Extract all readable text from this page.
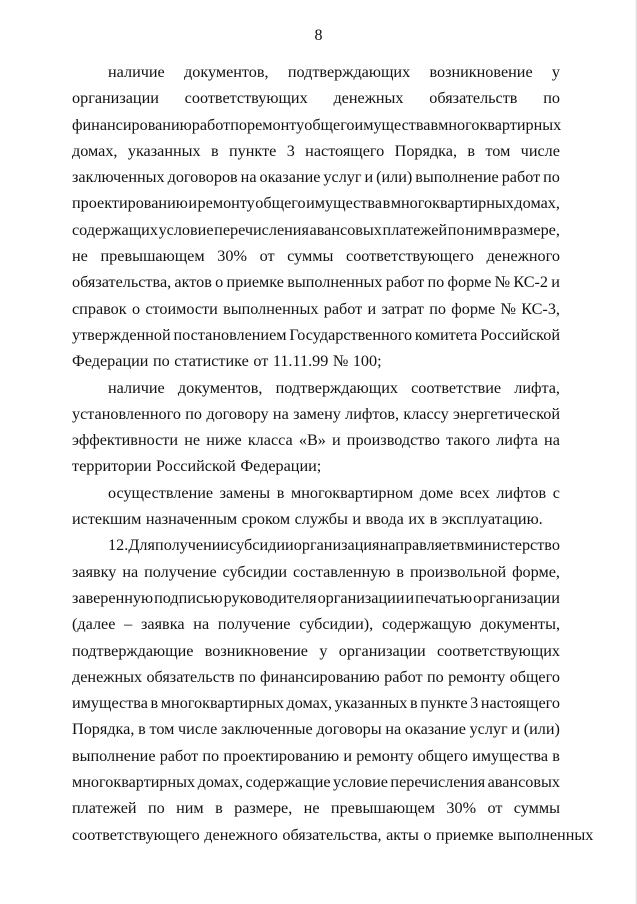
8
наличие документов, подтверждающих возникновение у
организации соответствующих денежных обязательств по
финансированию работ по ремонту общего имущества в многоквартирных
домах, указанных в пункте 3 настоящего Порядка, в том числе
заключенных договоров на оказание услуг и (или) выполнение работ по
проектированию и ремонту общего имущества в многоквартирных домах,
содержащих условие перечисления авансовых платежей по ним в размере,
не превышающем 30% от суммы соответствующего денежного
обязательства, актов о приемке выполненных работ по форме № КС-2 и
справок о стоимости выполненных работ и затрат по форме № КС-3,
утвержденной постановлением Государственного комитета Российской
Федерации по статистике от 11.11.99 № 100;
наличие документов, подтверждающих соответствие лифта,
установленного по договору на замену лифтов, классу энергетической
эффективности не ниже класса «В» и производство такого лифта на
территории Российской Федерации;
осуществление замены в многоквартирном доме всех лифтов с
истекшим назначенным сроком службы и ввода их в эксплуатацию.
12. Для получении субсидии организация направляет в министерство
заявку на получение субсидии составленную в произвольной форме,
заверенную подписью руководителя организации и печатью организации
(далее – заявка на получение субсидии), содержащую документы,
подтверждающие возникновение у организации соответствующих
денежных обязательств по финансированию работ по ремонту общего
имущества в многоквартирных домах, указанных в пункте 3 настоящего
Порядка, в том числе заключенные договоры на оказание услуг и (или)
выполнение работ по проектированию и ремонту общего имущества в
многоквартирных домах, содержащие условие перечисления авансовых
платежей по ним в размере, не превышающем 30% от суммы
соответствующего денежного обязательства, акты о приемке выполненных
